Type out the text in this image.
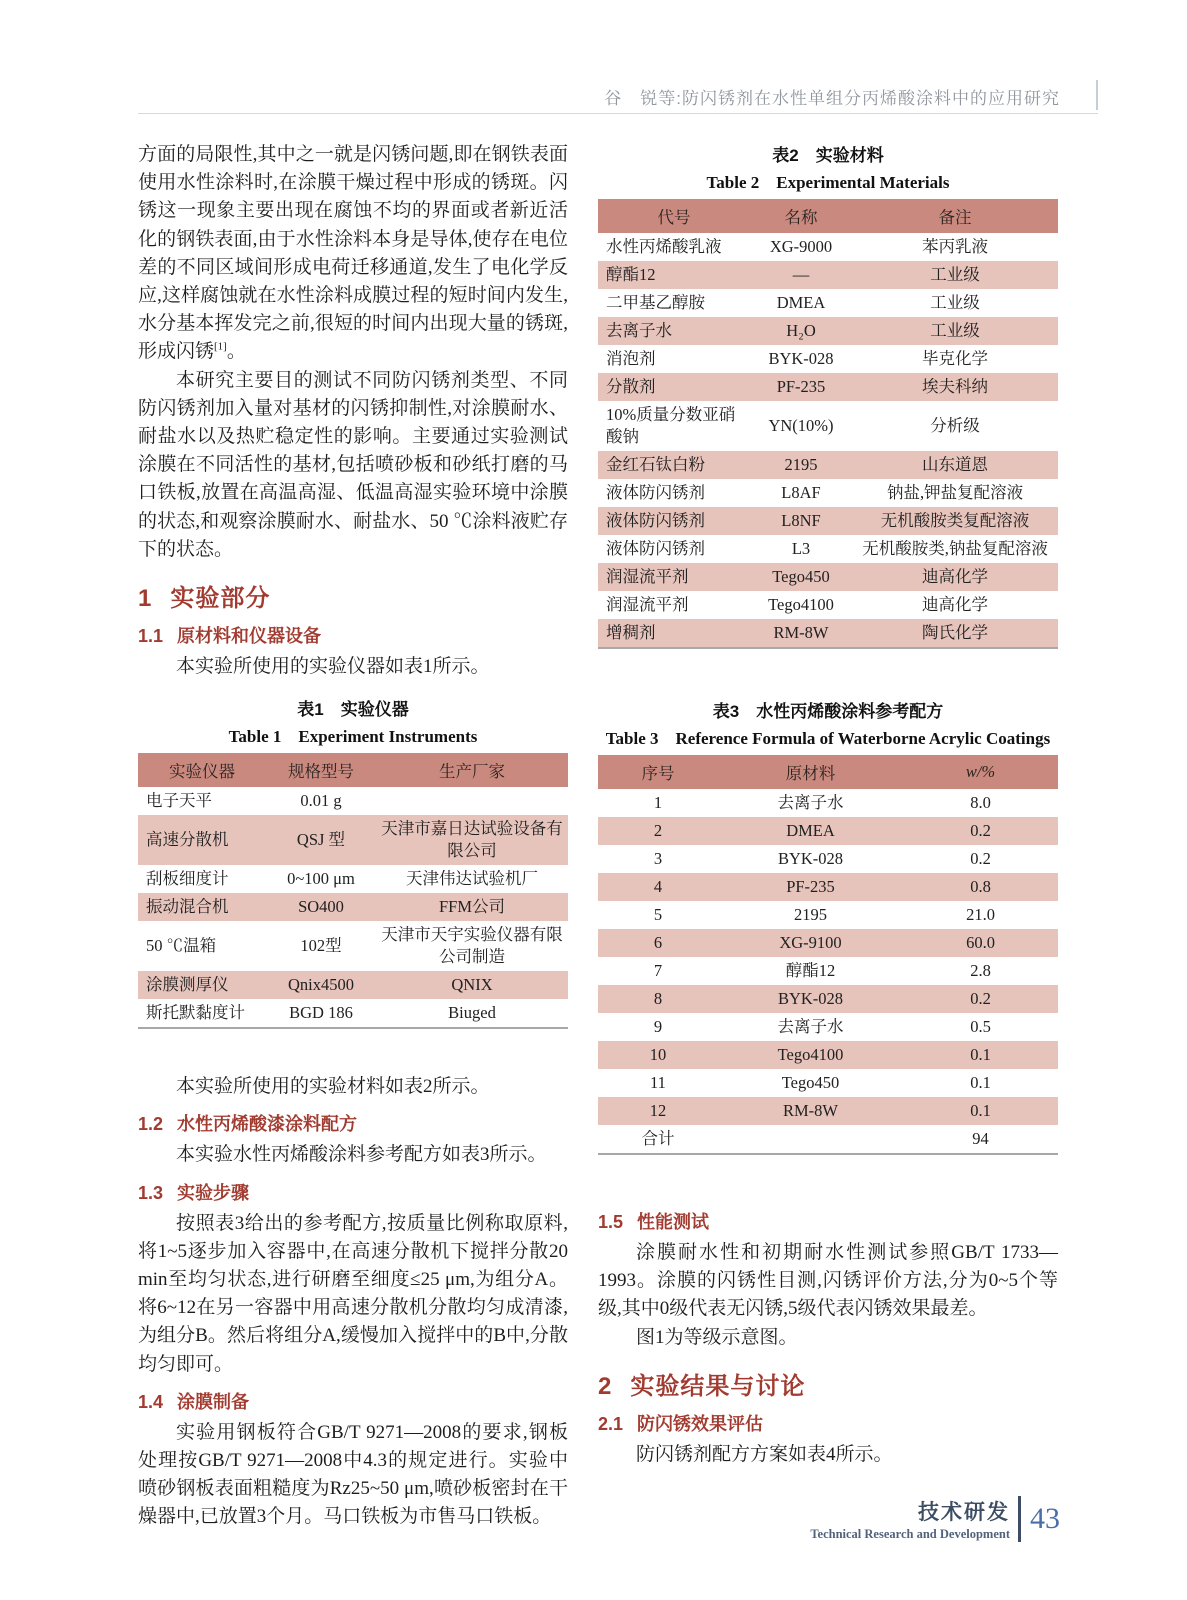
谷　锐等:防闪锈剂在水性单组分丙烯酸涂料中的应用研究

方面的局限性,其中之一就是闪锈问题,即在钢铁表面使用水性涂料时,在涂膜干燥过程中形成的锈斑。闪锈这一现象主要出现在腐蚀不均的界面或者新近活化的钢铁表面,由于水性涂料本身是导体,使存在电位差的不同区域间形成电荷迁移通道,发生了电化学反应,这样腐蚀就在水性涂料成膜过程的短时间内发生,水分基本挥发完之前,很短的时间内出现大量的锈斑,形成闪锈[1]。

本研究主要目的测试不同防闪锈剂类型、不同防闪锈剂加入量对基材的闪锈抑制性,对涂膜耐水、耐盐水以及热贮稳定性的影响。主要通过实验测试涂膜在不同活性的基材,包括喷砂板和砂纸打磨的马口铁板,放置在高温高湿、低温高湿实验环境中涂膜的状态,和观察涂膜耐水、耐盐水、50 ℃涂料液贮存下的状态。

1 实验部分
1.1 原材料和仪器设备

本实验所使用的实验仪器如表1所示。

表1　实验仪器

Table 1　Experiment Instruments

实验仪器	规格型号	生产厂家
电子天平	0.01 g	
高速分散机	QSJ 型	天津市嘉日达试验设备有限公司
刮板细度计	0~100 μm	天津伟达试验机厂
振动混合机	SO400	FFM公司
50 ℃温箱	102型	天津市天宇实验仪器有限公司制造
涂膜测厚仪	Qnix4500	QNIX
斯托默黏度计	BGD 186	Biuged

本实验所使用的实验材料如表2所示。

1.2 水性丙烯酸漆涂料配方

本实验水性丙烯酸涂料参考配方如表3所示。

1.3 实验步骤

按照表3给出的参考配方,按质量比例称取原料,将1~5逐步加入容器中,在高速分散机下搅拌分散20 min至均匀状态,进行研磨至细度≤25 μm,为组分A。将6~12在另一容器中用高速分散机分散均匀成清漆,为组分B。然后将组分A,缓慢加入搅拌中的B中,分散均匀即可。

1.4 涂膜制备

实验用钢板符合GB/T 9271—2008的要求,钢板处理按GB/T 9271—2008中4.3的规定进行。实验中喷砂钢板表面粗糙度为Rz25~50 μm,喷砂板密封在干燥器中,已放置3个月。马口铁板为市售马口铁板。

表2　实验材料

Table 2　Experimental Materials

代号	名称	备注
水性丙烯酸乳液	XG-9000	苯丙乳液
醇酯12	—	工业级
二甲基乙醇胺	DMEA	工业级
去离子水	H₂O	工业级
消泡剂	BYK-028	毕克化学
分散剂	PF-235	埃夫科纳
10%质量分数亚硝酸钠	YN(10%)	分析级
金红石钛白粉	2195	山东道恩
液体防闪锈剂	L8AF	钠盐,钾盐复配溶液
液体防闪锈剂	L8NF	无机酸胺类复配溶液
液体防闪锈剂	L3	无机酸胺类,钠盐复配溶液
润湿流平剂	Tego450	迪高化学
润湿流平剂	Tego4100	迪高化学
增稠剂	RM-8W	陶氏化学

表3　水性丙烯酸涂料参考配方

Table 3　Reference Formula of Waterborne Acrylic Coatings

序号	原材料	w/%
1	去离子水	8.0
2	DMEA	0.2
3	BYK-028	0.2
4	PF-235	0.8
5	2195	21.0
6	XG-9100	60.0
7	醇酯12	2.8
8	BYK-028	0.2
9	去离子水	0.5
10	Tego4100	0.1
11	Tego450	0.1
12	RM-8W	0.1
合计		94
1.5 性能测试

涂膜耐水性和初期耐水性测试参照GB/T 1733—1993。涂膜的闪锈性目测,闪锈评价方法,分为0~5个等级,其中0级代表无闪锈,5级代表闪锈效果最差。

图1为等级示意图。

2 实验结果与讨论
2.1 防闪锈效果评估

防闪锈剂配方方案如表4所示。

技术研发
Technical Research and Development 43
